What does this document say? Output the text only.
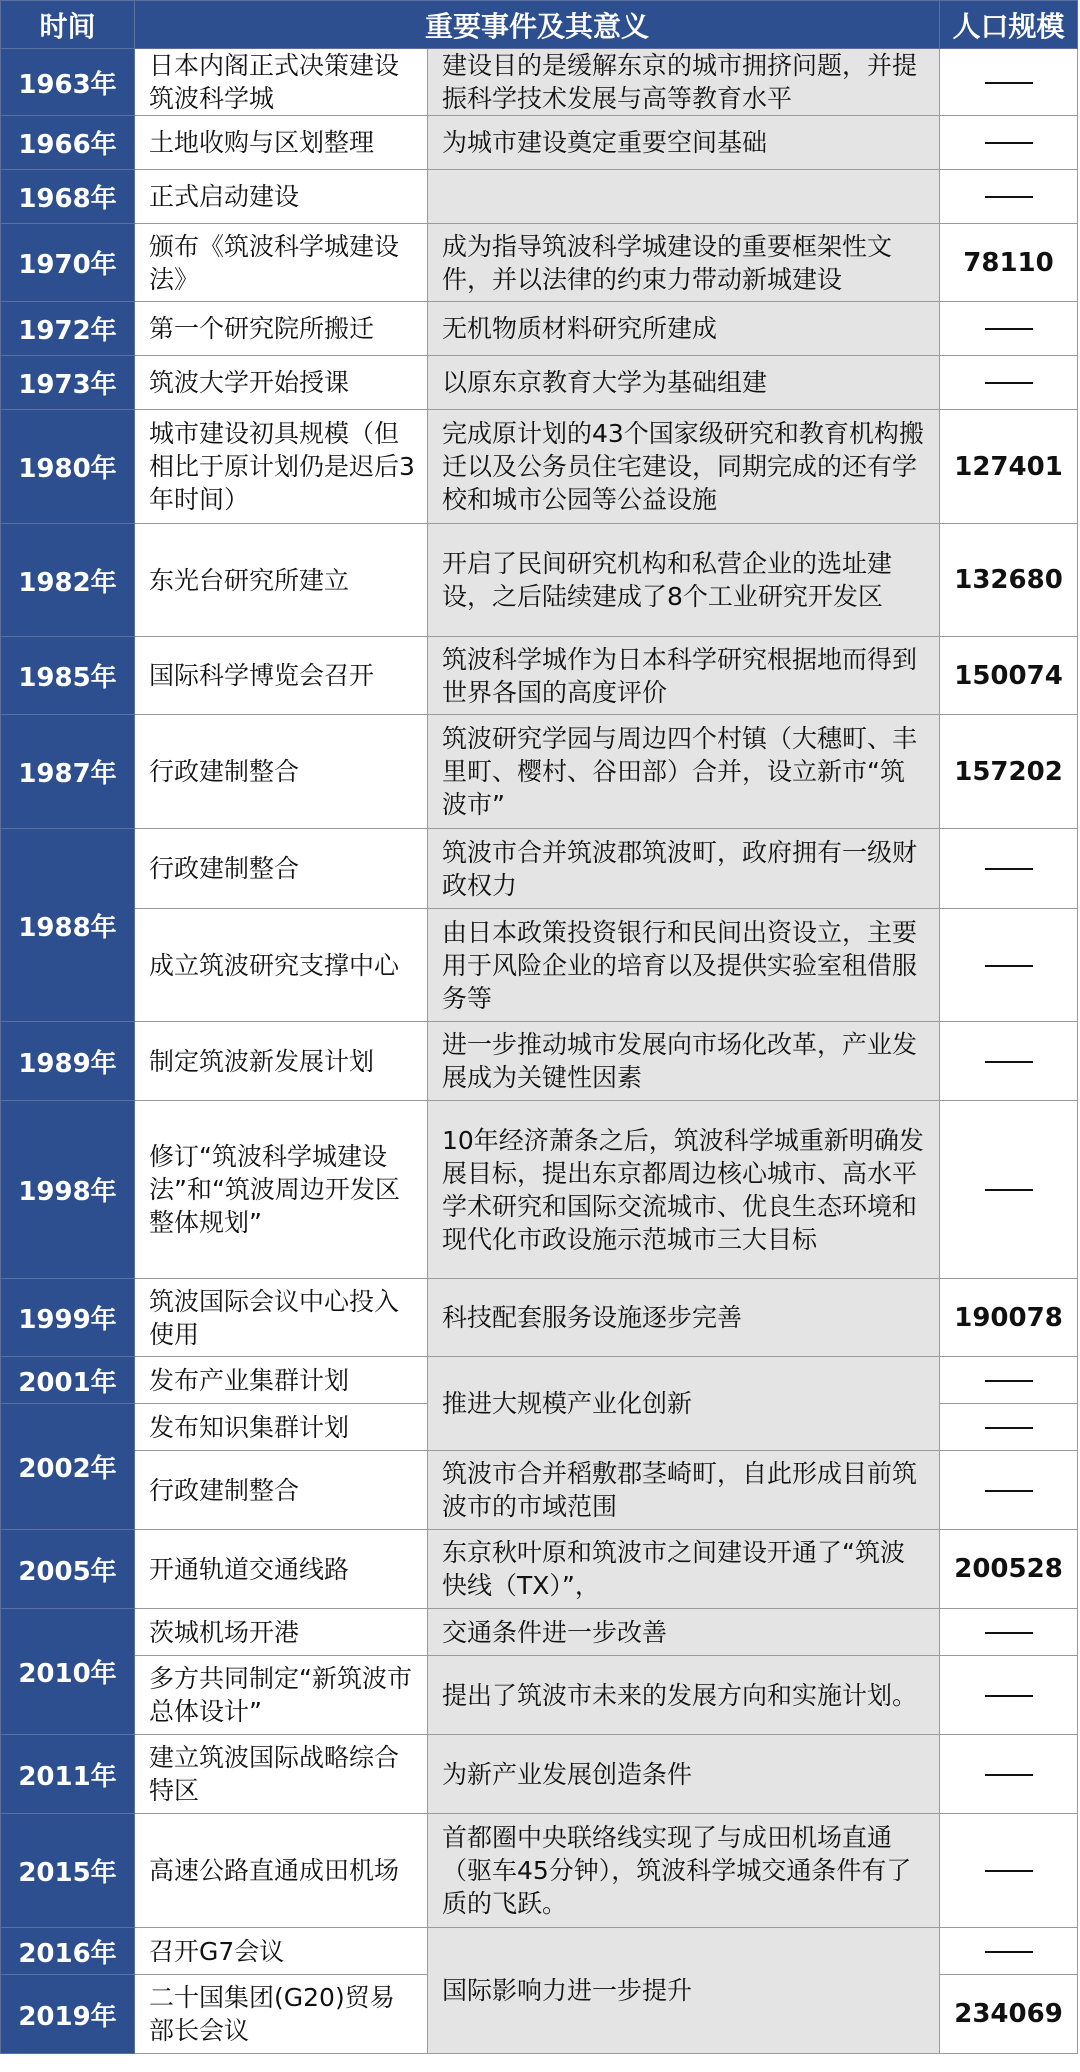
时间	重要事件及其意义		人口规模
1963年	日本内阁正式决策建设筑波科学城	建设目的是缓解东京的城市拥挤问题，并提振科学技术发展与高等教育水平	
1966年	土地收购与区划整理	为城市建设奠定重要空间基础	
1968年	正式启动建设		
1970年	颁布《筑波科学城建设法》	成为指导筑波科学城建设的重要框架性文件，并以法律的约束力带动新城建设	78110
1972年	第一个研究院所搬迁	无机物质材料研究所建成	
1973年	筑波大学开始授课	以原东京教育大学为基础组建	
1980年	城市建设初具规模（但相比于原计划仍是迟后3年时间）	完成原计划的43个国家级研究和教育机构搬迁以及公务员住宅建设，同期完成的还有学校和城市公园等公益设施	127401
1982年	东光台研究所建立	开启了民间研究机构和私营企业的选址建设，之后陆续建成了8个工业研究开发区	132680
1985年	国际科学博览会召开	筑波科学城作为日本科学研究根据地而得到世界各国的高度评价	150074
1987年	行政建制整合	筑波研究学园与周边四个村镇（大穗町、丰里町、樱村、谷田部）合并，设立新市“筑波市”	157202
1988年	行政建制整合	筑波市合并筑波郡筑波町，政府拥有一级财政权力	
	成立筑波研究支撑中心	由日本政策投资银行和民间出资设立，主要用于风险企业的培育以及提供实验室租借服务等	
1989年	制定筑波新发展计划	进一步推动城市发展向市场化改革，产业发展成为关键性因素	
1998年	修订“筑波科学城建设法”和“筑波周边开发区整体规划”	10年经济萧条之后，筑波科学城重新明确发展目标，提出东京都周边核心城市、高水平学术研究和国际交流城市、优良生态环境和现代化市政设施示范城市三大目标	
1999年	筑波国际会议中心投入使用	科技配套服务设施逐步完善	190078
2001年	发布产业集群计划	推进大规模产业化创新	
2002年	发布知识集群计划		
	行政建制整合	筑波市合并稻敷郡茎崎町，自此形成目前筑波市的市域范围	
2005年	开通轨道交通线路	东京秋叶原和筑波市之间建设开通了“筑波快线（TX）”，	200528
2010年	茨城机场开港	交通条件进一步改善	
	多方共同制定“新筑波市总体设计”	提出了筑波市未来的发展方向和实施计划。	
2011年	建立筑波国际战略综合特区	为新产业发展创造条件	
2015年	高速公路直通成田机场	首都圈中央联络线实现了与成田机场直通（驱车45分钟），筑波科学城交通条件有了质的飞跃。	
2016年	召开G7会议	国际影响力进一步提升	
2019年	二十国集团(G20)贸易部长会议		234069
